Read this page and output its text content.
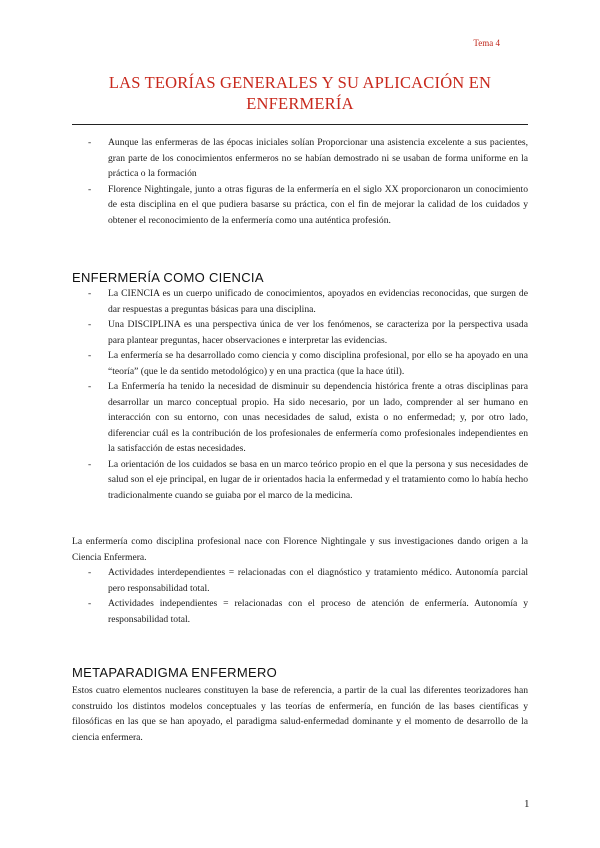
Tema 4
LAS TEORÍAS GENERALES Y SU APLICACIÓN EN
ENFERMERÍA
- Aunque las enfermeras de las épocas iniciales solían Proporcionar una asistencia excelente a sus pacientes, gran parte de los conocimientos enfermeros no se habían demostrado ni se usaban de forma uniforme en la práctica o la formación
- Florence Nightingale, junto a otras figuras de la enfermería en el siglo XX proporcionaron un conocimiento de esta disciplina en el que pudiera basarse su práctica, con el fin de mejorar la calidad de los cuidados y obtener el reconocimiento de la enfermería como una auténtica profesión.
ENFERMERÍA COMO CIENCIA
- La CIENCIA es un cuerpo unificado de conocimientos, apoyados en evidencias reconocidas, que surgen de dar respuestas a preguntas básicas para una disciplina.
- Una DISCIPLINA es una perspectiva única de ver los fenómenos, se caracteriza por la perspectiva usada para plantear preguntas, hacer observaciones e interpretar las evidencias.
- La enfermería se ha desarrollado como ciencia y como disciplina profesional, por ello se ha apoyado en una “teoría” (que le da sentido metodológico) y en una practica (que la hace útil).
- La Enfermería ha tenido la necesidad de disminuir su dependencia histórica frente a otras disciplinas para desarrollar un marco conceptual propio. Ha sido necesario, por un lado, comprender al ser humano en interacción con su entorno, con unas necesidades de salud, exista o no enfermedad; y, por otro lado, diferenciar cuál es la contribución de los profesionales de enfermería como profesionales independientes en la satisfacción de estas necesidades.
- La orientación de los cuidados se basa en un marco teórico propio en el que la persona y sus necesidades de salud son el eje principal, en lugar de ir orientados hacia la enfermedad y el tratamiento como lo había hecho tradicionalmente cuando se guiaba por el marco de la medicina.
La enfermería como disciplina profesional nace con Florence Nightingale y sus investigaciones dando origen a la Ciencia Enfermera.
- Actividades interdependientes = relacionadas con el diagnóstico y tratamiento médico. Autonomía parcial pero responsabilidad total.
- Actividades independientes = relacionadas con el proceso de atención de enfermería. Autonomía y responsabilidad total.
METAPARADIGMA ENFERMERO
Estos cuatro elementos nucleares constituyen la base de referencia, a partir de la cual las diferentes teorizadores han construido los distintos modelos conceptuales y las teorías de enfermería, en función de las bases científicas y filosóficas en las que se han apoyado, el paradigma salud-enfermedad dominante y el momento de desarrollo de la ciencia enfermera.
1
